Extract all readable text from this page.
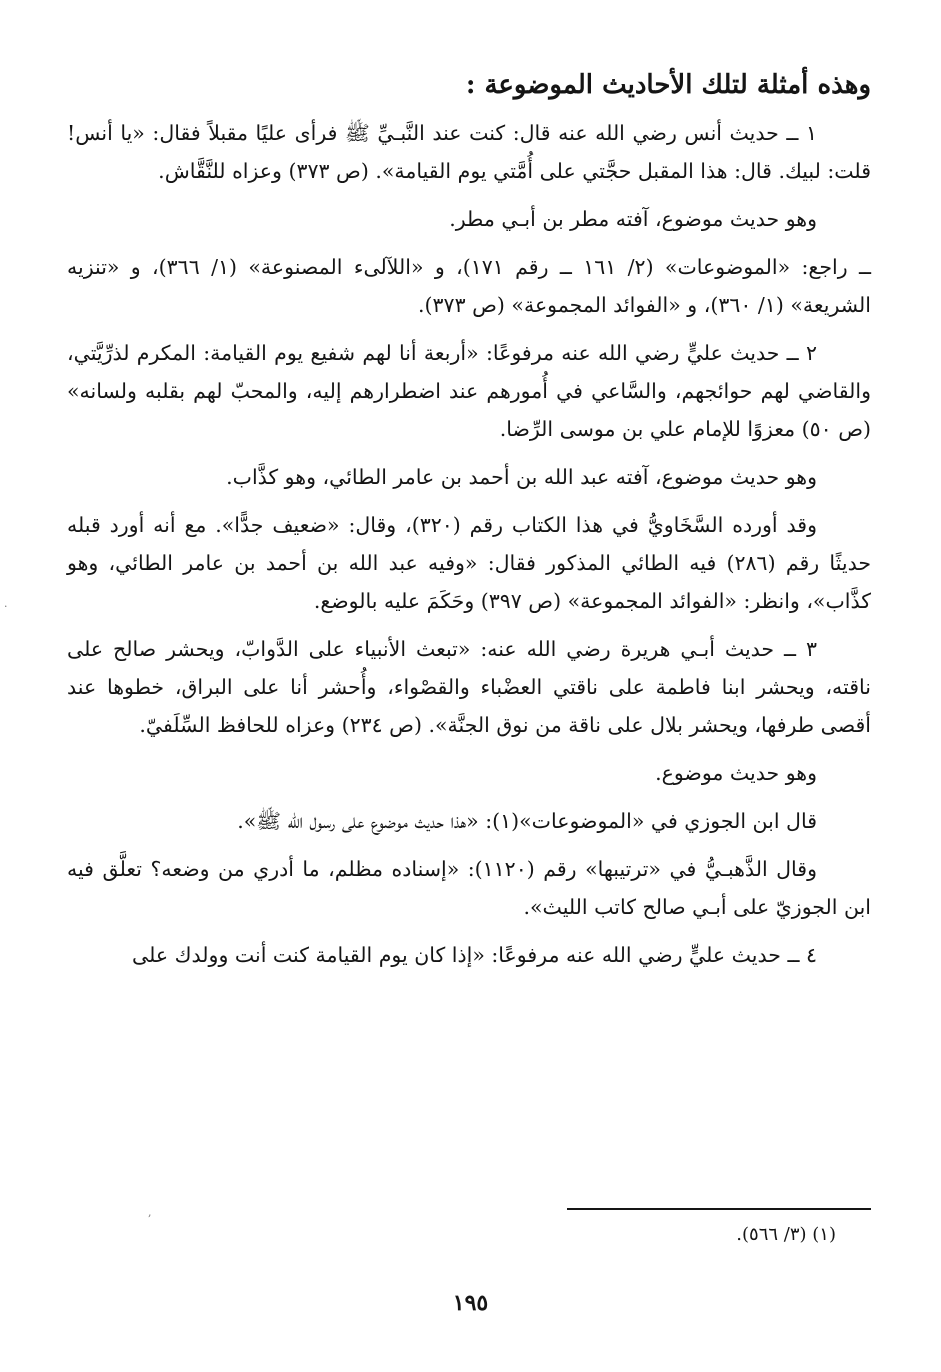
وهذه أمثلة لتلك الأحاديث الموضوعة :

١ ــ حديث أنس رضي الله عنه قال: كنت عند النَّبـيِّ ﷺ فرأى عليًا مقبلاً فقال: «يا أنس! قلت: لبيك. قال: هذا المقبل حجَّتي على أُمَّتي يوم القيامة». (ص ٣٧٣) وعزاه للنَّقَّاش.

وهو حديث موضوع، آفته مطر بن أبـي مطر.

ــ راجع: «الموضوعات» (٢/ ١٦١ ــ رقم ١٧١)، و «اللآلىء المصنوعة» (١/ ٣٦٦)، و «تنزيه الشريعة» (١/ ٣٦٠)، و «الفوائد المجموعة» (ص ٣٧٣).

٢ ــ حديث عليٍّ رضي الله عنه مرفوعًا: «أربعة أنا لهم شفيع يوم القيامة: المكرم لذرِّيَّتي، والقاضي لهم حوائجهم، والسَّاعي في أُمورهم عند اضطرارهم إليه، والمحبّ لهم بقلبه ولسانه» (ص ٥٠) معزوًا للإمام علي بن موسى الرِّضا.

وهو حديث موضوع، آفته عبد الله بن أحمد بن عامر الطائي، وهو كذَّاب.

وقد أورده السَّخَاويُّ في هذا الكتاب رقم (٣٢٠)، وقال: «ضعيف جدًّا». مع أنه أورد قبله حديثًا رقم (٢٨٦) فيه الطائي المذكور فقال: «وفيه عبد الله بن أحمد بن عامر الطائي، وهو كذَّاب»، وانظر: «الفوائد المجموعة» (ص ٣٩٧) وحَكَمَ عليه بالوضع.

٣ ــ حديث أبـي هريرة رضي الله عنه: «تبعث الأنبياء على الدَّوابّ، ويحشر صالح على ناقته، ويحشر ابنا فاطمة على ناقتي العضْباء والقصْواء، وأُحشر أنا على البراق، خطوها عند أقصى طرفها، ويحشر بلال على ناقة من نوق الجنَّة». (ص ٢٣٤) وعزاه للحافظ السِّلَفيّ.

وهو حديث موضوع.

قال ابن الجوزي في «الموضوعات»(١): «هذا حديث موضوع على رسول الله ﷺ».

وقال الذَّهبـيُّ في «ترتيبها» رقم (١١٢٠): «إسناده مظلم، ما أدري من وضعه؟ تعلَّق فيه ابن الجوزيّ على أبـي صالح كاتب الليث».

٤ ــ حديث عليٍّ رضي الله عنه مرفوعًا: «إذا كان يوم القيامة كنت أنت وولدك على

(١) (٣/ ٥٦٦).
١٩٥
·
,
